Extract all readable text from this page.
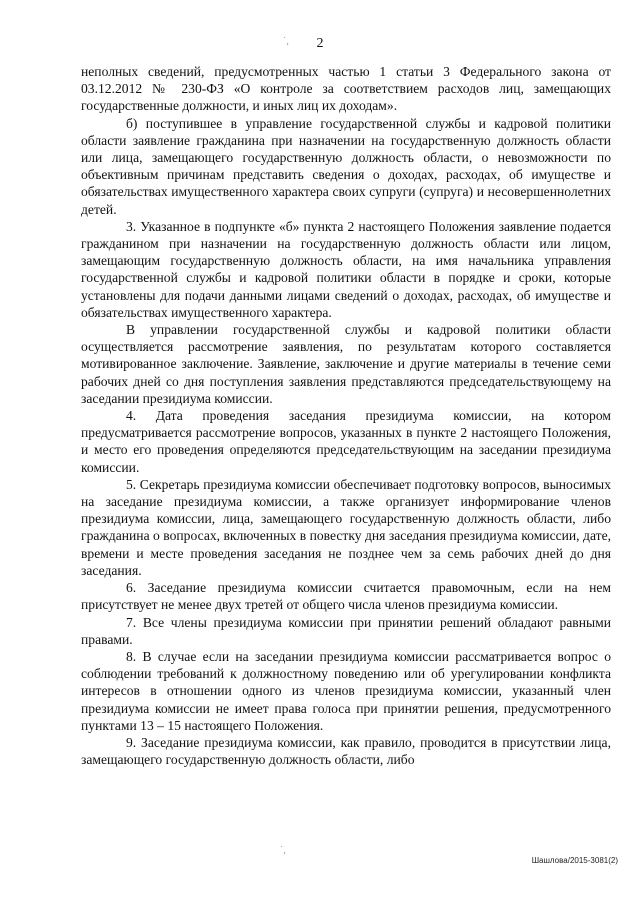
˙,	2

неполных сведений, предусмотренных частью 1 статьи 3 Федерального закона от 03.12.2012 № 230-ФЗ «О контроле за соответствием расходов лиц, замещающих государственные должности, и иных лиц их доходам».

б) поступившее в управление государственной службы и кадровой политики области заявление гражданина при назначении на государственную должность области или лица, замещающего государственную должность области, о невозможности по объективным причинам представить сведения о доходах, расходах, об имуществе и обязательствах имущественного характера своих супруги (супруга) и несовершеннолетних детей.

3. Указанное в подпункте «б» пункта 2 настоящего Положения заявление подается гражданином при назначении на государственную должность области или лицом, замещающим государственную должность области, на имя начальника управления государственной службы и кадровой политики области в порядке и сроки, которые установлены для подачи данными лицами сведений о доходах, расходах, об имуществе и обязательствах имущественного характера.

В управлении государственной службы и кадровой политики области осуществляется рассмотрение заявления, по результатам которого составляется мотивированное заключение. Заявление, заключение и другие материалы в течение семи рабочих дней со дня поступления заявления представляются председательствующему на заседании президиума комиссии.

4. Дата проведения заседания президиума комиссии, на котором предусматривается рассмотрение вопросов, указанных в пункте 2 настоящего Положения, и место его проведения определяются председательствующим на заседании президиума комиссии.

5. Секретарь президиума комиссии обеспечивает подготовку вопросов, выносимых на заседание президиума комиссии, а также организует информирование членов президиума комиссии, лица, замещающего государственную должность области, либо гражданина о вопросах, включенных в повестку дня заседания президиума комиссии, дате, времени и месте проведения заседания не позднее чем за семь рабочих дней до дня заседания.

6. Заседание президиума комиссии считается правомочным, если на нем присутствует не менее двух третей от общего числа членов президиума комиссии.

7. Все члены президиума комиссии при принятии решений обладают равными правами.

8. В случае если на заседании президиума комиссии рассматривается вопрос о соблюдении требований к должностному поведению или об урегулировании конфликта интересов в отношении одного из членов президиума комиссии, указанный член президиума комиссии не имеет права голоса при принятии решения, предусмотренного пунктами 13 – 15 настоящего Положения.

9. Заседание президиума комиссии, как правило, проводится в присутствии лица, замещающего государственную должность области, либо

˙,
Шашлова/2015-3081(2)
